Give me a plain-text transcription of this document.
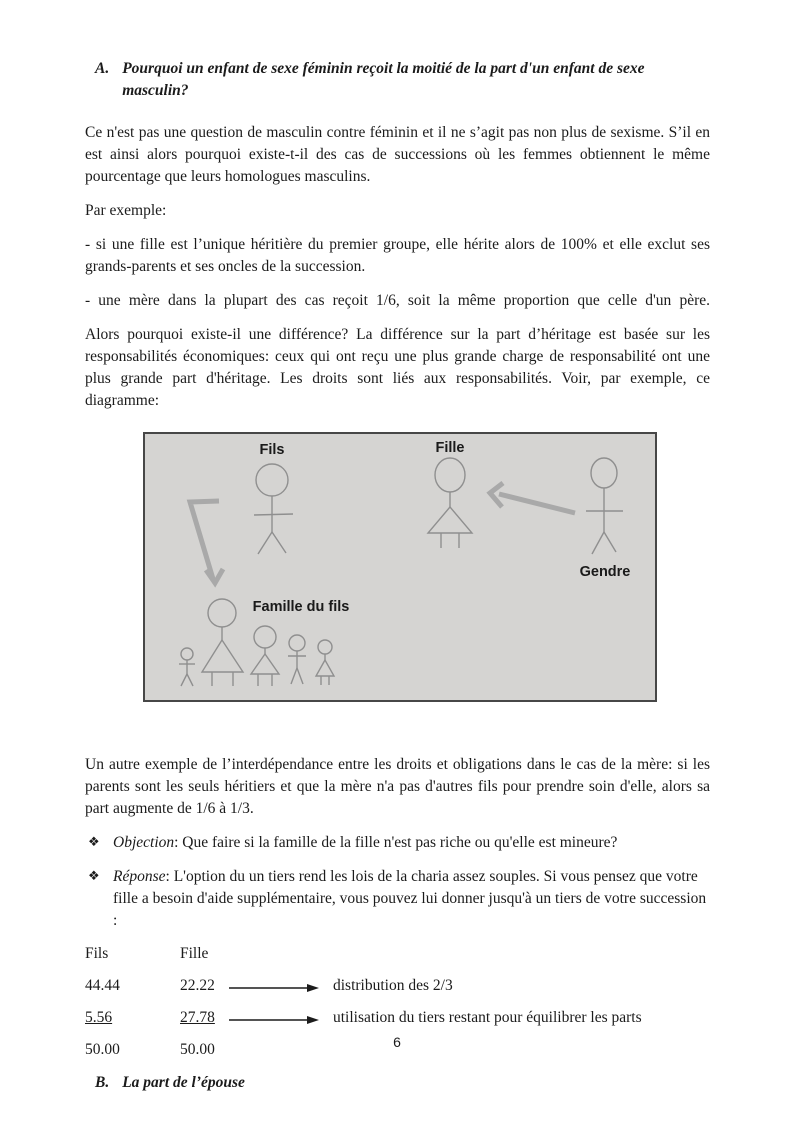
A. Pourquoi un enfant de sexe féminin reçoit la moitié de la part d'un enfant de sexe masculin?

Ce n'est pas une question de masculin contre féminin et il ne s’agit pas non plus de sexisme. S’il en est ainsi alors pourquoi existe-t-il des cas de successions où les femmes obtiennent le même pourcentage que leurs homologues masculins.

Par exemple:

- si une fille est l’unique héritière du premier groupe, elle hérite alors de 100% et elle exclut ses grands-parents et ses oncles de la succession.

- une mère dans la plupart des cas reçoit 1/6, soit la même proportion que celle d'un père.

Alors pourquoi existe-il une différence? La différence sur la part d’héritage est basée sur les responsabilités économiques: ceux qui ont reçu une plus grande charge de responsabilité ont une plus grande part d'héritage. Les droits sont liés aux responsabilités. Voir, par exemple, ce diagramme:

Fils	Fille
Gendre
Famille du fils

Un autre exemple de l’interdépendance entre les droits et obligations dans le cas de la mère: si les parents sont les seuls héritiers et que la mère n'a pas d'autres fils pour prendre soin d'elle, alors sa part augmente de 1/6 à 1/3.

❖ Objection: Que faire si la famille de la fille n'est pas riche ou qu'elle est mineure?
❖ Réponse: L'option du un tiers rend les lois de la charia assez souples. Si vous pensez que votre fille a besoin d'aide supplémentaire, vous pouvez lui donner jusqu'à un tiers de votre succession :
Fils	Fille
44.44	22.22	distribution des 2/3
5.56	27.78	utilisation du tiers restant pour équilibrer les parts
50.00	50.00
B. La part de l’épouse
6
